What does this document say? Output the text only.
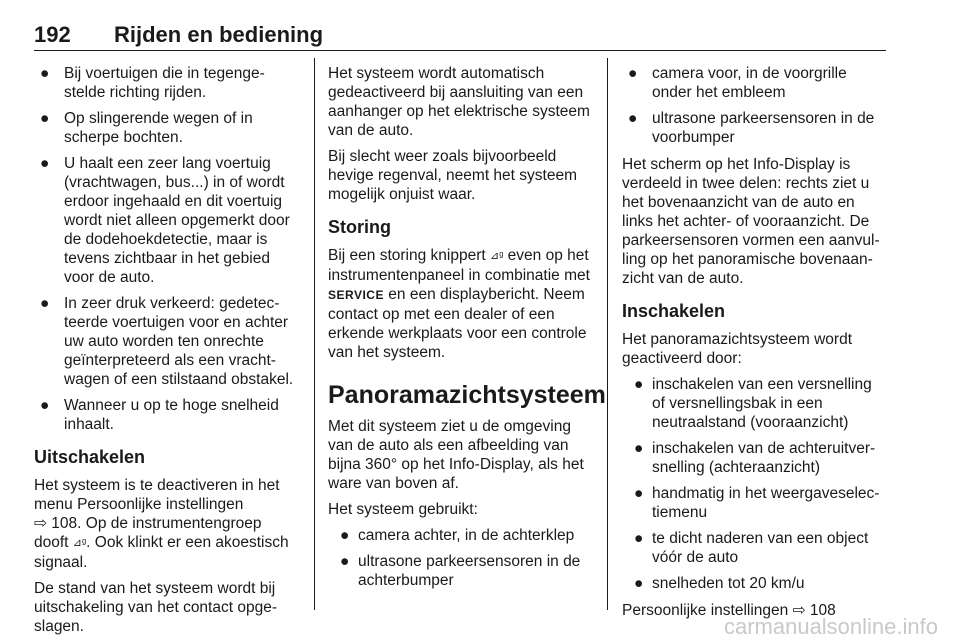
192 Rijden en bediening
● Bij voertuigen die in tegenge- stelde richting rijden.
● Op slingerende wegen of in scherpe bochten.
● U haalt een zeer lang voertuig (vrachtwagen, bus...) in of wordt erdoor ingehaald en dit voertuig wordt niet alleen opgemerkt door de dodehoekdetectie, maar is tevens zichtbaar in het gebied voor de auto.
● In zeer druk verkeerd: gedetec- teerde voertuigen voor en achter uw auto worden ten onrechte geïnterpreteerd als een vracht- wagen of een stilstaand obstakel.
● Wanneer u op te hoge snelheid inhaalt.
Uitschakelen

Het systeem is te deactiveren in het menu Persoonlijke instellingen
⇨ 108. Op de instrumentengroep dooft ⊿ᵍ. Ook klinkt er een akoestisch signaal.

De stand van het systeem wordt bij uitschakeling van het contact opge- slagen.

Het systeem wordt automatisch gedeactiveerd bij aansluiting van een aanhanger op het elektrische systeem van de auto.

Bij slecht weer zoals bijvoorbeeld hevige regenval, neemt het systeem mogelijk onjuist waar.

Storing

Bij een storing knippert ⊿ᵍ even op het instrumentenpaneel in combinatie met SERVICE en een displaybericht. Neem contact op met een dealer of een erkende werkplaats voor een controle van het systeem.

Panoramazichtsysteem

Met dit systeem ziet u de omgeving van de auto als een afbeelding van bijna 360° op het Info-Display, als het ware van boven af.

Het systeem gebruikt:

● camera achter, in de achterklep
● ultrasone parkeersensoren in de achterbumper
● camera voor, in de voorgrille onder het embleem
● ultrasone parkeersensoren in de voorbumper

Het scherm op het Info-Display is verdeeld in twee delen: rechts ziet u het bovenaanzicht van de auto en links het achter- of vooraanzicht. De parkeersensoren vormen een aanvul- ling op het panoramische bovenaan- zicht van de auto.

Inschakelen

Het panoramazichtsysteem wordt geactiveerd door:

● inschakelen van een versnelling of versnellingsbak in een neutraalstand (vooraanzicht)
● inschakelen van de achteruitver- snelling (achteraanzicht)
● handmatig in het weergaveselec- tiemenu
● te dicht naderen van een object vóór de auto
● snelheden tot 20 km/u

Persoonlijke instellingen ⇨ 108

carmanualsonline.info
